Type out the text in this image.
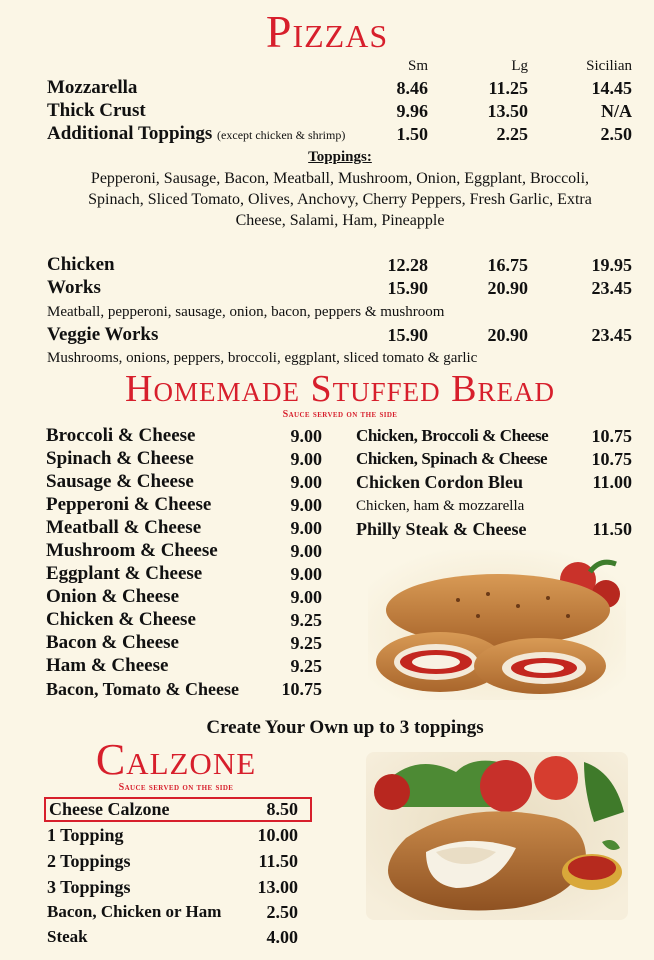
Pizzas
Sm	Lg	Sicilian
Mozzarella	8.46	11.25	14.45
Thick Crust	9.96	13.50	N/A
Additional Toppings (except chicken & shrimp)	1.50	2.25	2.50
Toppings:
Pepperoni, Sausage, Bacon, Meatball, Mushroom, Onion, Eggplant, Broccoli,
Spinach, Sliced Tomato, Olives, Anchovy, Cherry Peppers, Fresh Garlic, Extra
Cheese, Salami, Ham, Pineapple
Chicken	12.28	16.75	19.95
Works	15.90	20.90	23.45
Meatball, pepperoni, sausage, onion, bacon, peppers & mushroom
Veggie Works	15.90	20.90	23.45
Mushrooms, onions, peppers, broccoli, eggplant, sliced tomato & garlic
Homemade Stuffed Bread
Sauce served on the side
Broccoli & Cheese	9.00
Spinach & Cheese	9.00
Sausage & Cheese	9.00
Pepperoni & Cheese	9.00
Meatball & Cheese	9.00
Mushroom & Cheese	9.00
Eggplant & Cheese	9.00
Onion & Cheese	9.00
Chicken & Cheese	9.25
Bacon & Cheese	9.25
Ham & Cheese	9.25
Bacon, Tomato & Cheese	10.75
Chicken, Broccoli & Cheese	10.75
Chicken, Spinach & Cheese	10.75
Chicken Cordon Bleu	11.00
Chicken, ham & mozzarella
Philly Steak & Cheese	11.50
Create Your Own up to 3 toppings
Calzone
Sauce served on the side
Cheese Calzone	8.50
1 Topping	10.00
2 Toppings	11.50
3 Toppings	13.00
Bacon, Chicken or Ham	2.50
Steak	4.00
